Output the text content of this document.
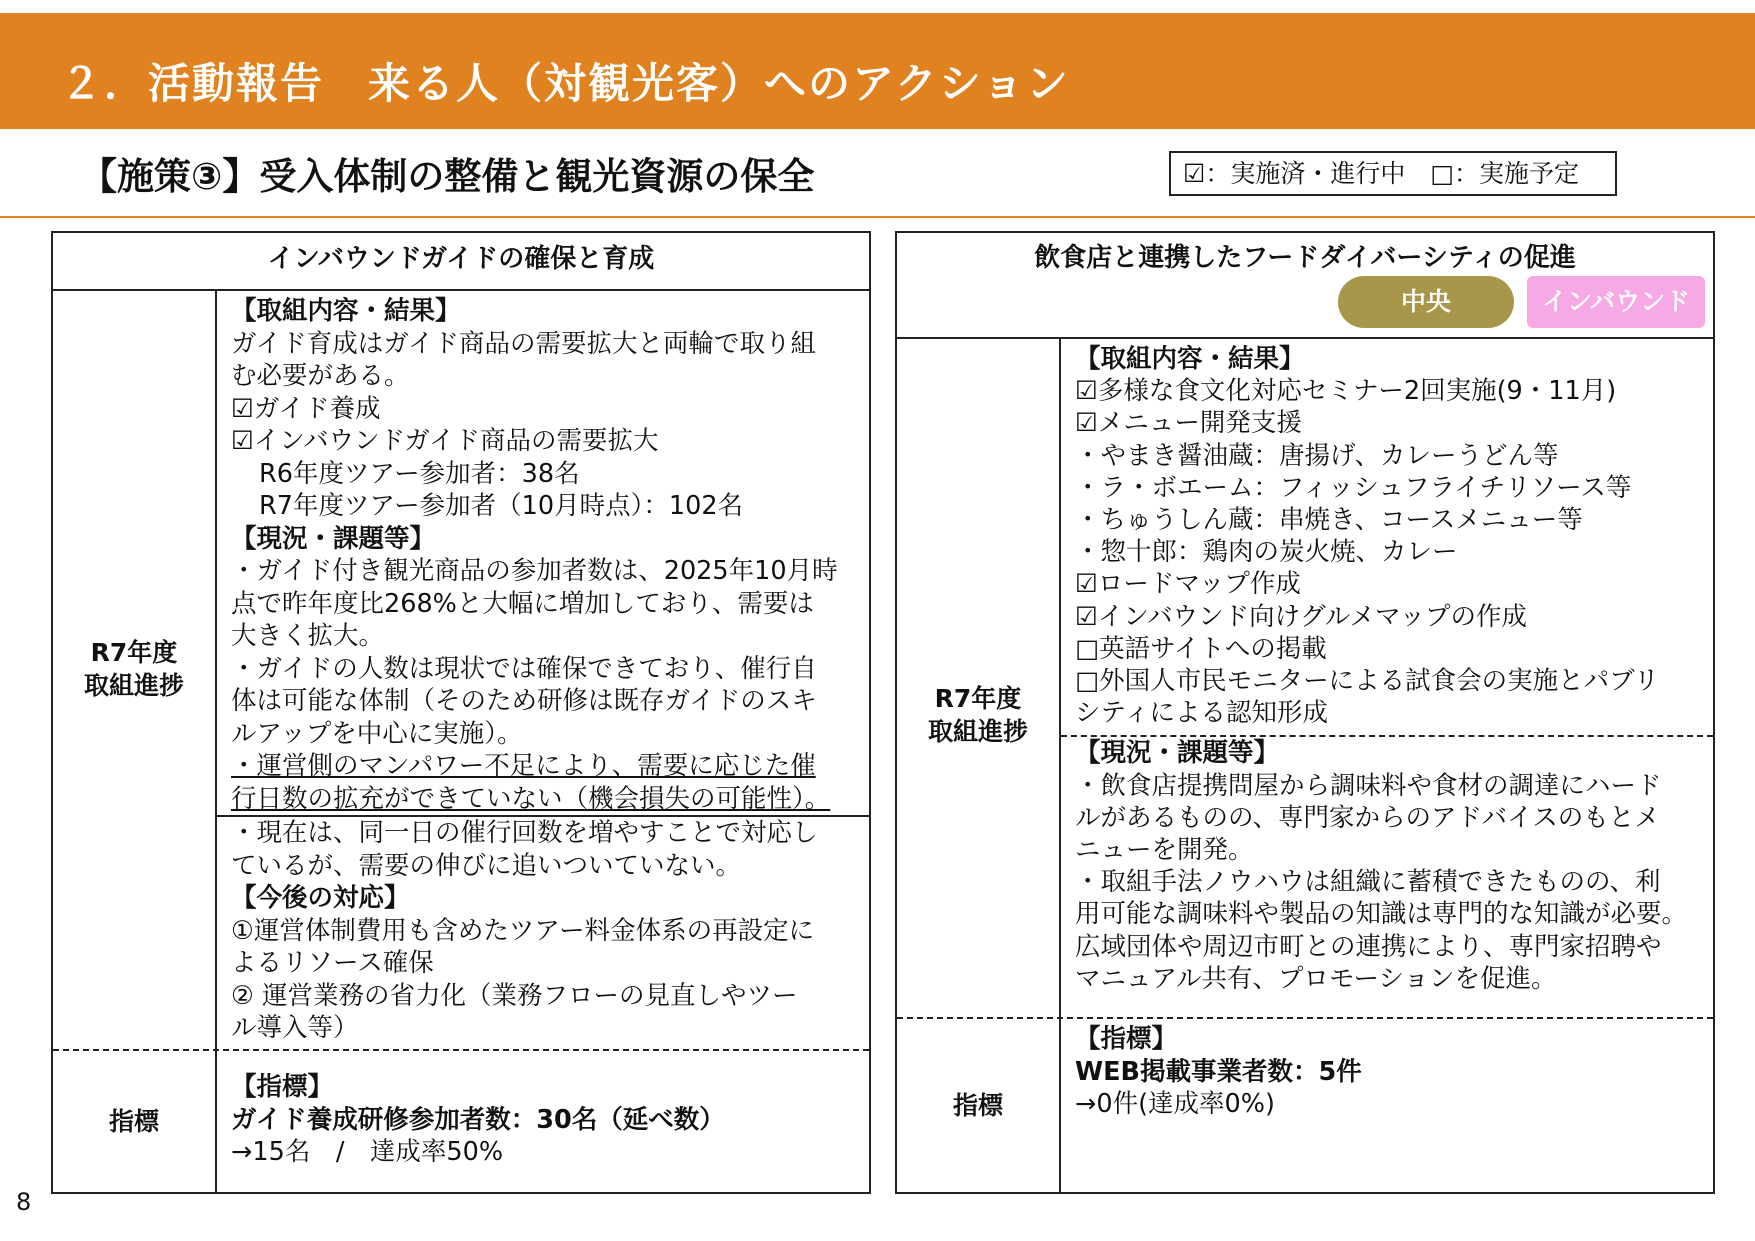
２．活動報告　来る人（対観光客）へのアクション
【施策③】受入体制の整備と観光資源の保全	☑：実施済・進行中　□：実施予定
インバウンドガイドの確保と育成
R7年度
取組進捗

【取組内容・結果】

ガイド育成はガイド商品の需要拡大と両輪で取り組

む必要がある。

☑ガイド養成

☑インバウンドガイド商品の需要拡大

R6年度ツアー参加者：38名

R7年度ツアー参加者（10月時点）：102名

【現況・課題等】

・ガイド付き観光商品の参加者数は、2025年10月時

点で昨年度比268%と大幅に増加しており、需要は

大きく拡大。

・ガイドの人数は現状では確保できており、催行自

体は可能な体制（そのため研修は既存ガイドのスキ

ルアップを中心に実施）。

・運営側のマンパワー不足により、需要に応じた催

行日数の拡充ができていない（機会損失の可能性）。

・現在は、同一日の催行回数を増やすことで対応し

ているが、需要の伸びに追いついていない。

【今後の対応】

①運営体制費用も含めたツアー料金体系の再設定に

よるリソース確保

② 運営業務の省力化（業務フローの見直しやツー

ル導入等）

指標

【指標】

ガイド養成研修参加者数：30名（延べ数）

→15名　/　達成率50%

飲食店と連携したフードダイバーシティの促進
中央	インバウンド
R7年度
取組進捗

【取組内容・結果】

☑多様な食文化対応セミナー2回実施(9・11月)

☑メニュー開発支援

・やまき醤油蔵：唐揚げ、カレーうどん等

・ラ・ボエーム：フィッシュフライチリソース等

・ちゅうしん蔵：串焼き、コースメニュー等

・惣十郎：鶏肉の炭火焼、カレー

☑ロードマップ作成

☑インバウンド向けグルメマップの作成

□英語サイトへの掲載

□外国人市民モニターによる試食会の実施とパブリ

シティによる認知形成

【現況・課題等】

・飲食店提携問屋から調味料や食材の調達にハード

ルがあるものの、専門家からのアドバイスのもとメ

ニューを開発。

・取組手法ノウハウは組織に蓄積できたものの、利

用可能な調味料や製品の知識は専門的な知識が必要。

広域団体や周辺市町との連携により、専門家招聘や

マニュアル共有、プロモーションを促進。

指標

【指標】

WEB掲載事業者数：5件

→0件(達成率0%)

8
